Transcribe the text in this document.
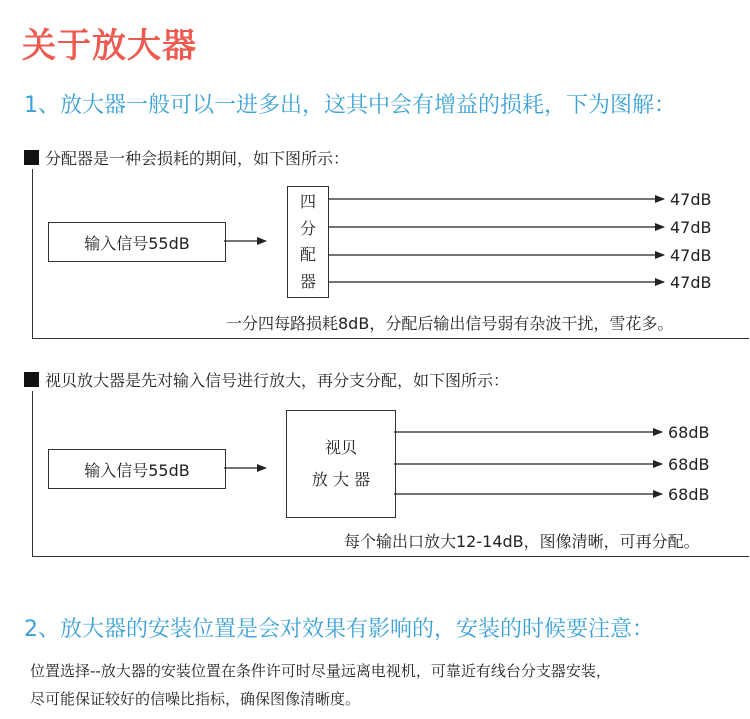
关于放大器
1、放大器一般可以一进多出，这其中会有增益的损耗，下为图解：
分配器是一种会损耗的期间，如下图所示：
输入信号55dB
四
分
配
器
47dB
47dB
47dB
47dB
一分四每路损耗8dB，分配后输出信号弱有杂波干扰，雪花多。
视贝放大器是先对输入信号进行放大，再分支分配，如下图所示：
输入信号55dB
视贝
放 大 器
68dB
68dB
68dB
每个输出口放大12-14dB，图像清晰，可再分配。
2、放大器的安装位置是会对效果有影响的，安装的时候要注意：
位置选择--放大器的安装位置在条件许可时尽量远离电视机，可靠近有线台分支器安装，
尽可能保证较好的信噪比指标，确保图像清晰度。
